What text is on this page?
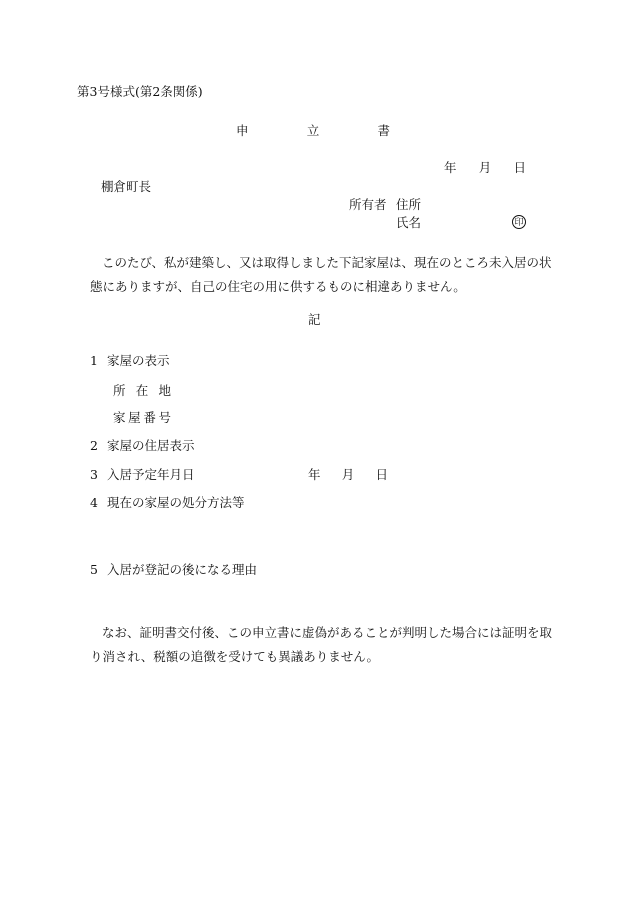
第3号様式(第2条関係)
申	立	書
年 月 日
棚倉町長
所有者 住所
氏名	印
このたび、私が建築し、又は取得しました下記家屋は、現在のところ未入居の状態にありますが、自己の住宅の用に供するものに相違ありません。
記
1 家屋の表示
所 在 地
家 屋 番 号
2 家屋の住居表示
3 入居予定年月日	年 月 日
4 現在の家屋の処分方法等
5 入居が登記の後になる理由
なお、証明書交付後、この申立書に虚偽があることが判明した場合には証明を取り消され、税額の追徴を受けても異議ありません。
